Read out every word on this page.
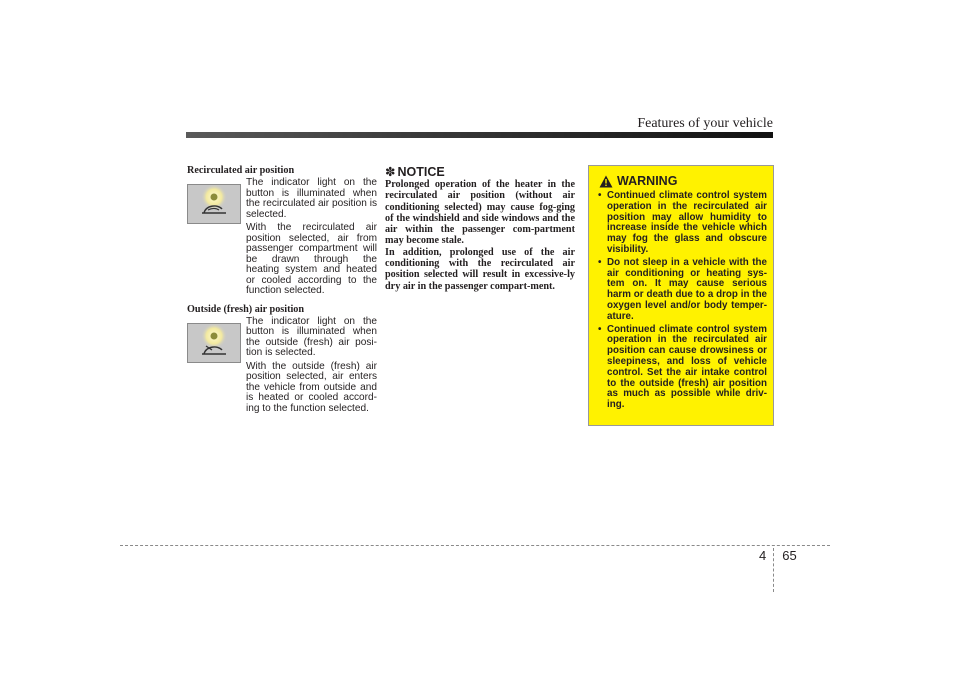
Features of your vehicle

Recirculated air position

The indicator light on the button is illuminated when the recirculated air position is selected.

With the recirculated air position selected, air from passenger compartment will be drawn through the heating system and heated or cooled according to the function selected.

Outside (fresh) air position

The indicator light on the button is illuminated when the outside (fresh) air posi-tion is selected.

With the outside (fresh) air position selected, air enters the vehicle from outside and is heated or cooled accord-ing to the function selected.

✽ NOTICE

Prolonged operation of the heater in the recirculated air position (without air conditioning selected) may cause fog-ging of the windshield and side windows and the air within the passenger com-partment may become stale.

In addition, prolonged use of the air conditioning with the recirculated air position selected will result in excessive-ly dry air in the passenger compart-ment.

WARNING

• Continued climate control system operation in the recirculated air position may allow humidity to increase inside the vehicle which may fog the glass and obscure visibility.
• Do not sleep in a vehicle with the air conditioning or heating sys-tem on. It may cause serious harm or death due to a drop in the oxygen level and/or body temper-ature.
• Continued climate control system operation in the recirculated air position can cause drowsiness or sleepiness, and loss of vehicle control. Set the air intake control to the outside (fresh) air position as much as possible while driv-ing.
4 65
